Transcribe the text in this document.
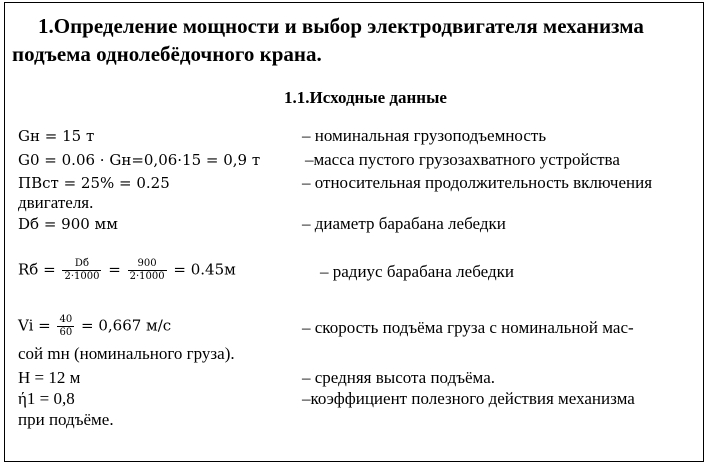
1.Определение мощности и выбор электродвигателя механизма подъема однолебёдочного крана.

1.1.Исходные данные

Gн = 15 т	– номинальная грузоподъемность
G0 = 0.06 · Gн=0,06·15 = 0,9 т	–масса пустого грузозахватного устройства
ПВст = 25% = 0.25	– относительная продолжительность включения
двигателя.
Dб = 900 мм	– диаметр барабана лебедки
Rб = $\frac{Dб}{2\cdot 1000} = \frac{900}{2\cdot 1000} = 0.45м$	– радиус барабана лебедки
$Vi = \frac{40}{60} = 0,667$ м/с	– скорость подъёма груза с номинальной мас-
сой mн (номинального груза).
H = 12 м	– средняя высота подъёма.
ή1 = 0,8	–коэффициент полезного действия механизма
при подъёме.
